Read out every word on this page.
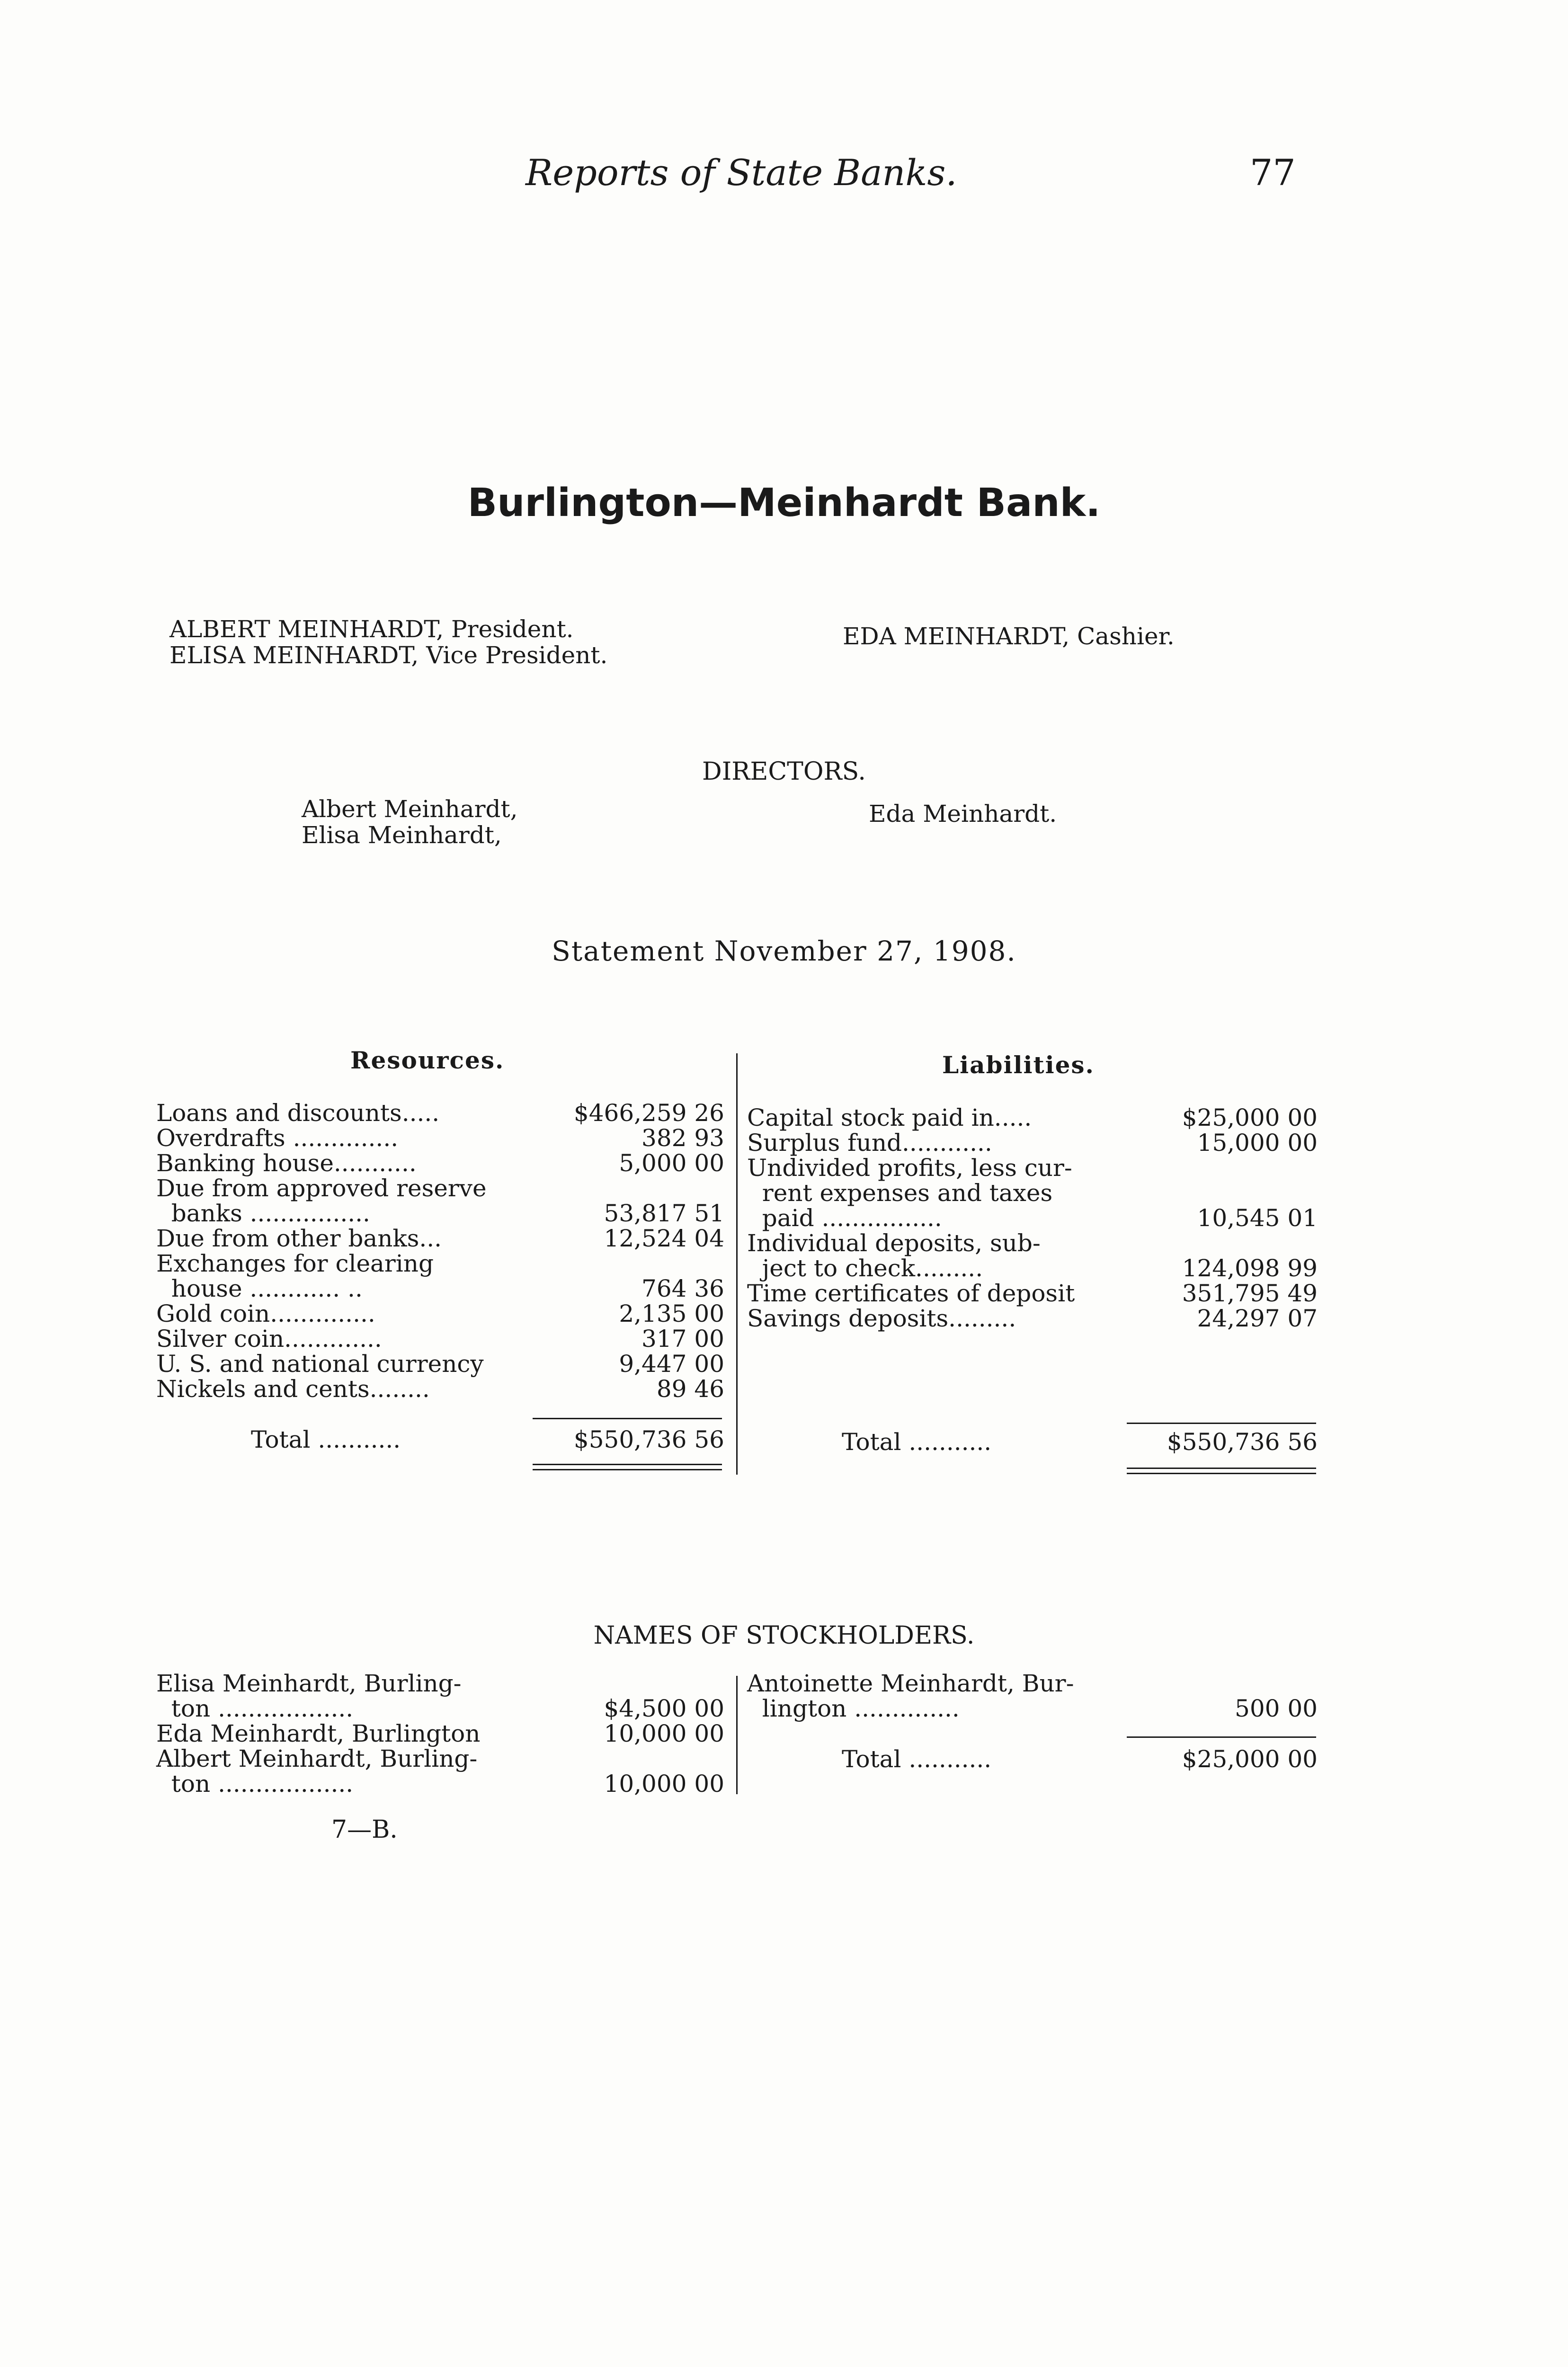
Reports of State Banks.	77
Burlington—Meinhardt Bank.
ALBERT MEINHARDT, President.
ELISA MEINHARDT, Vice President.
EDA MEINHARDT, Cashier.
DIRECTORS.
Albert Meinhardt,
Elisa Meinhardt,
Eda Meinhardt.
Statement November 27, 1908.
Resources.	Liabilities.
Loans and discounts.....	$466,259 26
Overdrafts ..............	382 93
Banking house...........	5,000 00
Due from approved reserve
banks ................	53,817 51
Due from other banks...	12,524 04
Exchanges for clearing
house ............ ..	764 36
Gold coin..............	2,135 00
Silver coin.............	317 00
U. S. and national currency	9,447 00
Nickels and cents........	89 46
Total ...........	$550,736 56
Capital stock paid in.....	$25,000 00
Surplus fund............	15,000 00
Undivided profits, less cur-
rent expenses and taxes
paid ................	10,545 01
Individual deposits, sub-
ject to check.........	124,098 99
Time certificates of deposit	351,795 49
Savings deposits.........	24,297 07
Total ...........	$550,736 56
NAMES OF STOCKHOLDERS.
Elisa Meinhardt, Burling-
ton ..................	$4,500 00
Eda Meinhardt, Burlington	10,000 00
Albert Meinhardt, Burling-
ton ..................	10,000 00
Antoinette Meinhardt, Bur-
lington ..............	500 00
Total ...........	$25,000 00
7—B.
